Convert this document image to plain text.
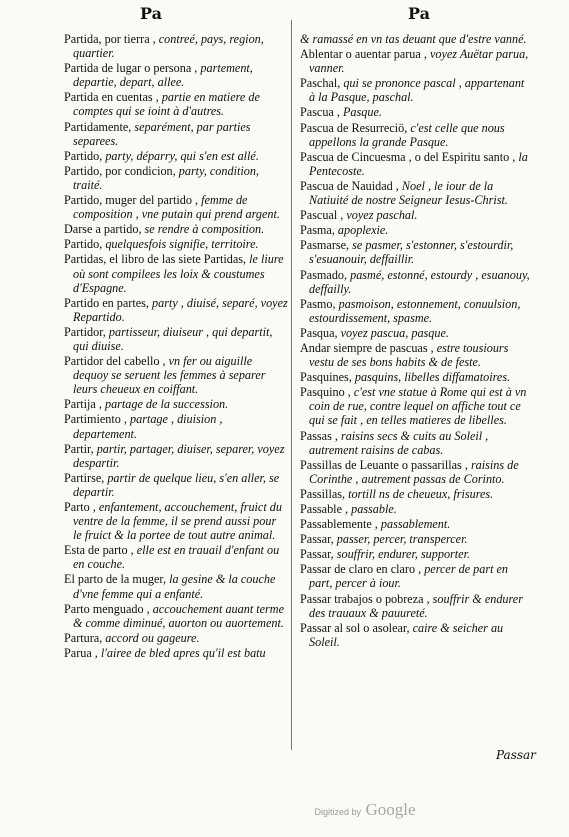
Pa	Pa
Partida, por tierra , contreé, pays, region, quartier.
Partida de lugar o persona , partement, departie, depart, allee.
Partida en cuentas , partie en matiere de comptes qui se ioint à d'autres.
Partidamente, separément, par parties separees.
Partido, party, déparry, qui s'en est allé.
Partido, por condicion, party, condition, traité.
Partido, muger del partido , femme de composition , vne putain qui prend argent.
Darse a partido, se rendre à composition.
Partido, quelquesfois signifie, territoire.
Partidas, el libro de las siete Partidas, le liure où sont compilees les loix & coustumes d'Espagne.
Partido en partes, party , diuisé, separé, voyez Repartido.
Partidor, partisseur, diuiseur , qui departit, qui diuise.
Partidor del cabello , vn fer ou aiguille dequoy se seruent les femmes à separer leurs cheueux en coiffant.
Partija , partage de la succession.
Partimiento , partage , diuision , departement.
Partir, partir, partager, diuiser, separer, voyez despartir.
Partirse, partir de quelque lieu, s'en aller, se departir.
Parto , enfantement, accouchement, fruict du ventre de la femme, il se prend aussi pour le fruict & la portee de tout autre animal.
Esta de parto , elle est en trauail d'enfant ou en couche.
El parto de la muger, la gesine & la couche d'vne femme qui a enfanté.
Parto menguado , accouchement auant terme & comme diminué, auorton ou auortement.
Partura, accord ou gageure.
Parua , l'airee de bled apres qu'il est batu
& ramassé en vn tas deuant que d'estre vanné.
Ablentar o auentar parua , voyez Auëtar parua, vanner.
Paschal, qui se prononce pascal , appartenant à la Pasque, paschal.
Pascua , Pasque.
Pascua de Resurreciö, c'est celle que nous appellons la grande Pasque.
Pascua de Cincuesma , o del Espiritu santo , la Pentecoste.
Pascua de Nauidad , Noel , le iour de la Natiuité de nostre Seigneur Iesus-Christ.
Pascual , voyez paschal.
Pasma, apoplexie.
Pasmarse, se pasmer, s'estonner, s'estourdir, s'esuanouir, deffaillir.
Pasmado, pasmé, estonné, estourdy , esuanouy, deffailly.
Pasmo, pasmoison, estonnement, conuulsion, estourdissement, spasme.
Pasqua, voyez pascua, pasque.
Andar siempre de pascuas , estre tousiours vestu de ses bons habits & de feste.
Pasquines, pasquins, libelles diffamatoires.
Pasquino , c'est vne statue à Rome qui est à vn coin de rue, contre lequel on affiche tout ce qui se fait , en telles matieres de libelles.
Passas , raisins secs & cuits au Soleil , autrement raisins de cabas.
Passillas de Leuante o passarillas , raisins de Corinthe , autrement passas de Corinto.
Passillas, tortill ns de cheueux, frisures.
Passable , passable.
Passablemente , passablement.
Passar, passer, percer, transpercer.
Passar, souffrir, endurer, supporter.
Passar de claro en claro , percer de part en part, percer à iour.
Passar trabajos o pobreza , souffrir & endurer des trauaux & pauureté.
Passar al sol o asolear, caire & seicher au Soleil.
Passar
Digitized by Google
